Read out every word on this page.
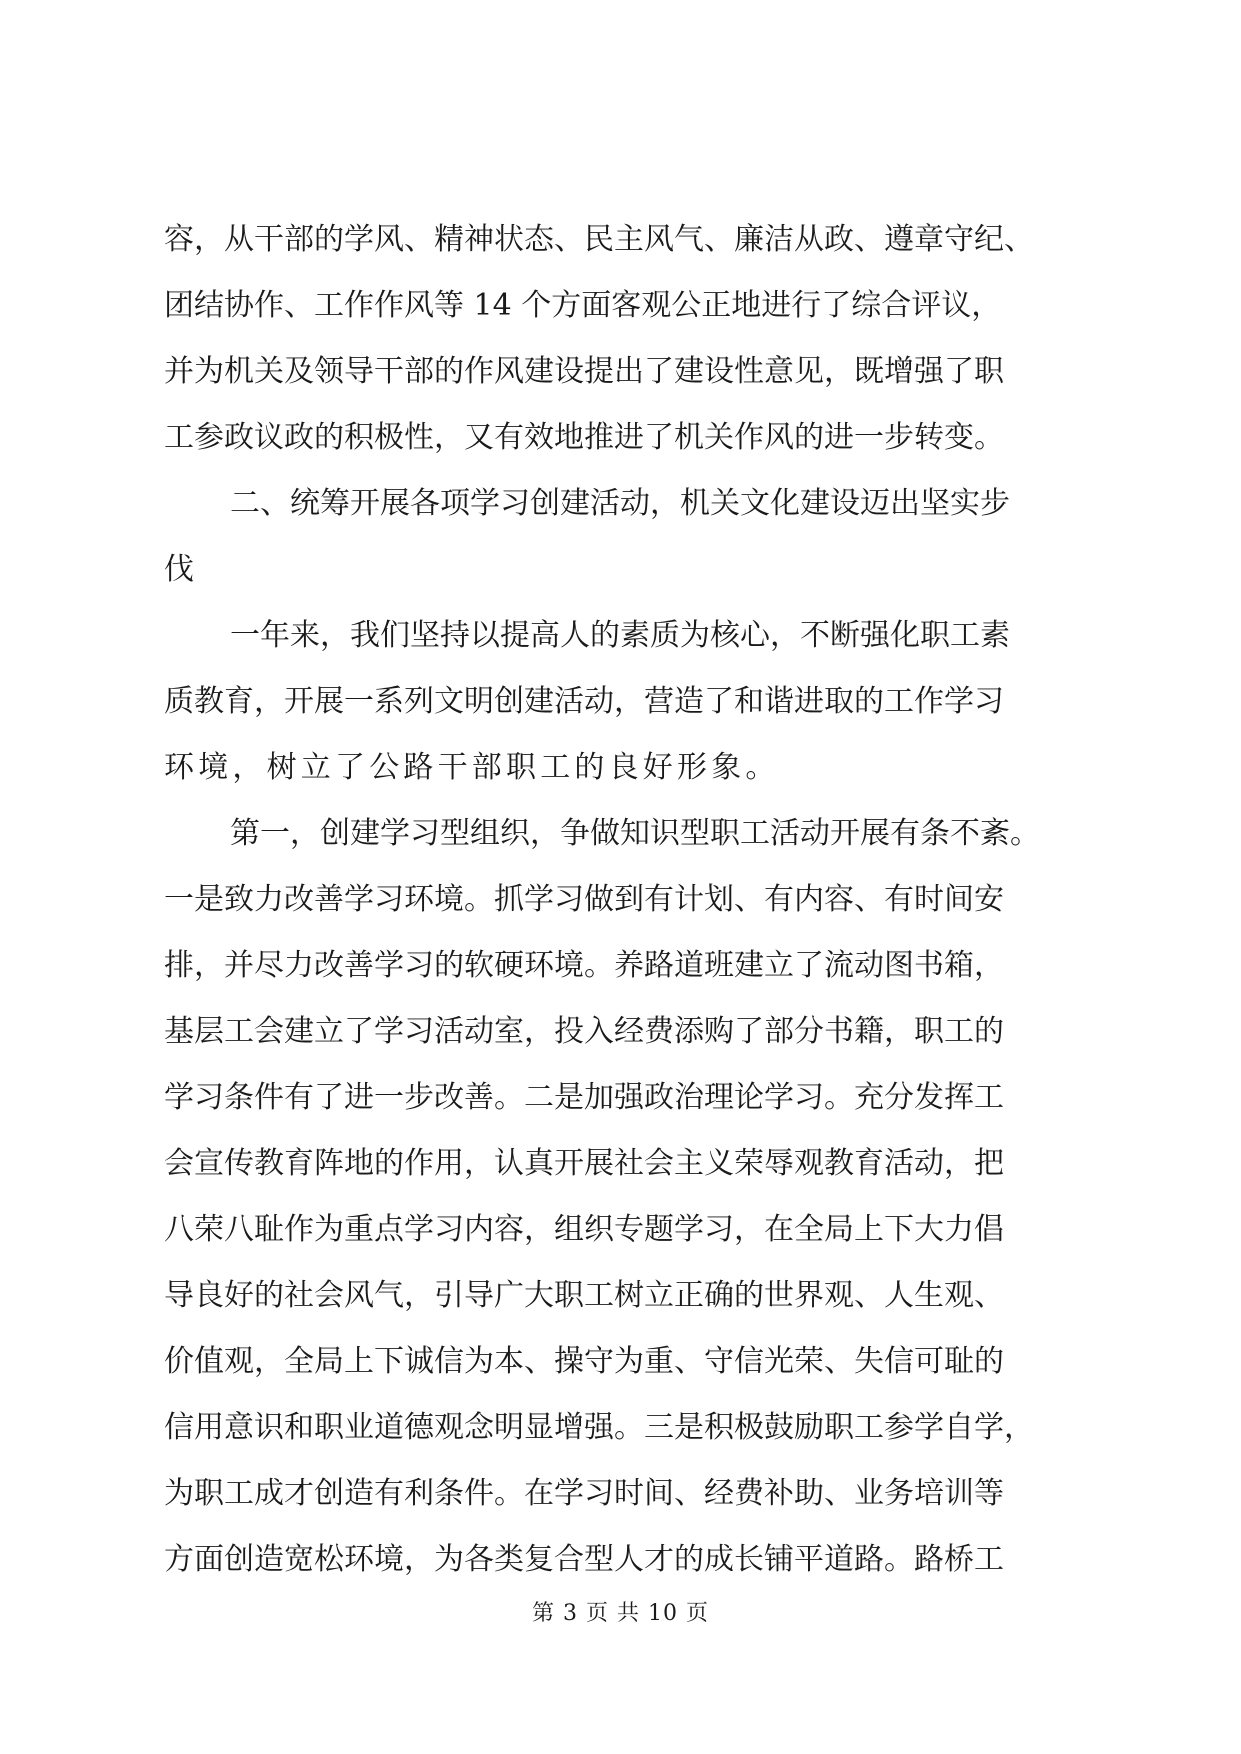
容，从干部的学风、精神状态、民主风气、廉洁从政、遵章守纪、
团结协作、工作作风等 14 个方面客观公正地进行了综合评议，
并为机关及领导干部的作风建设提出了建设性意见，既增强了职
工参政议政的积极性，又有效地推进了机关作风的进一步转变。
二、统筹开展各项学习创建活动，机关文化建设迈出坚实步
伐
一年来，我们坚持以提高人的素质为核心，不断强化职工素
质教育，开展一系列文明创建活动，营造了和谐进取的工作学习
环境，树立了公路干部职工的良好形象。
第一，创建学习型组织，争做知识型职工活动开展有条不紊。
一是致力改善学习环境。抓学习做到有计划、有内容、有时间安
排，并尽力改善学习的软硬环境。养路道班建立了流动图书箱，
基层工会建立了学习活动室，投入经费添购了部分书籍，职工的
学习条件有了进一步改善。二是加强政治理论学习。充分发挥工
会宣传教育阵地的作用，认真开展社会主义荣辱观教育活动，把
八荣八耻作为重点学习内容，组织专题学习，在全局上下大力倡
导良好的社会风气，引导广大职工树立正确的世界观、人生观、
价值观，全局上下诚信为本、操守为重、守信光荣、失信可耻的
信用意识和职业道德观念明显增强。三是积极鼓励职工参学自学，
为职工成才创造有利条件。在学习时间、经费补助、业务培训等
方面创造宽松环境，为各类复合型人才的成长铺平道路。路桥工
第 3 页 共 10 页
